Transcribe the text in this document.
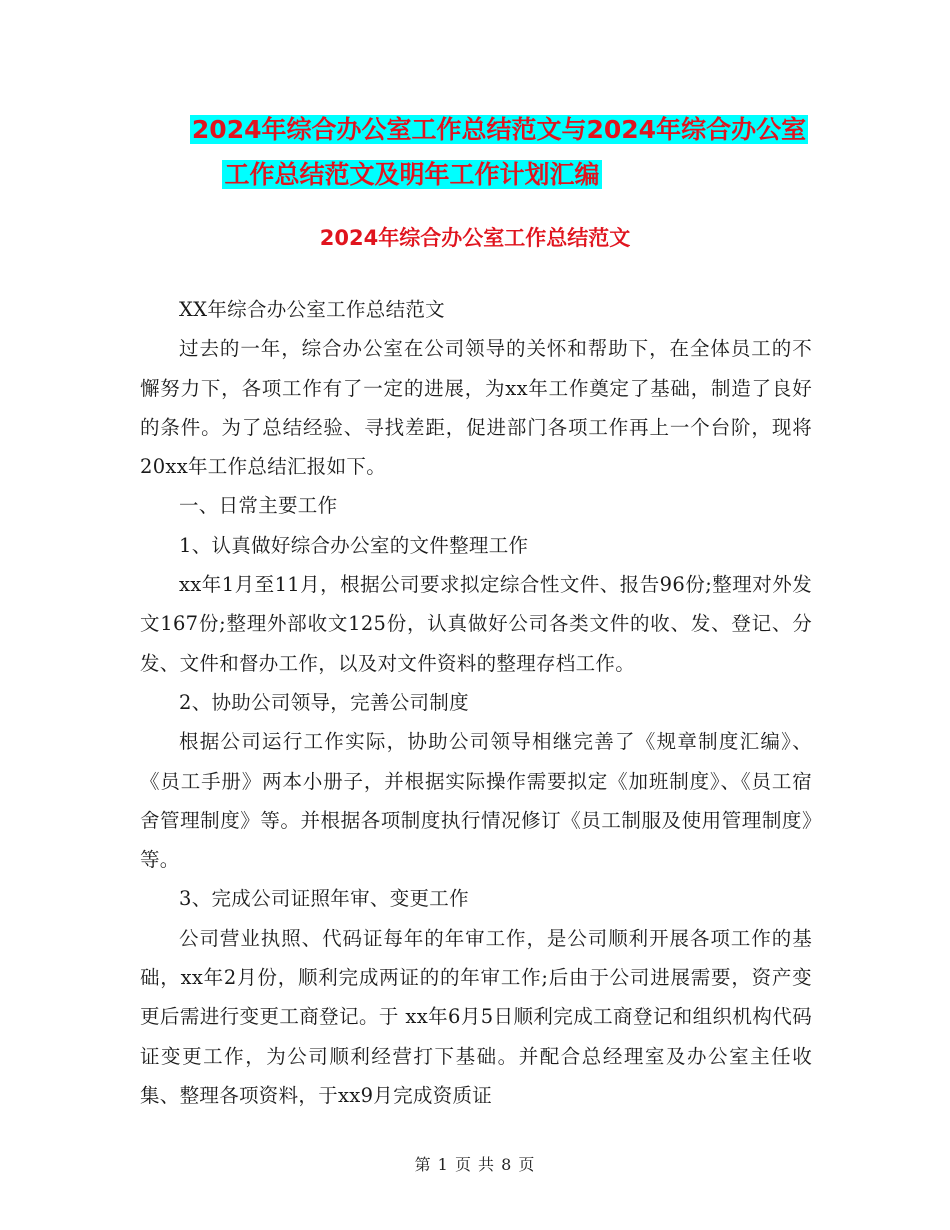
2024年综合办公室工作总结范文与2024年综合办公室
工作总结范文及明年工作计划汇编
2024年综合办公室工作总结范文

XX年综合办公室工作总结范文

过去的一年，综合办公室在公司领导的关怀和帮助下，在全体员工的不懈努力下，各项工作有了一定的进展，为xx年工作奠定了基础，制造了良好的条件。为了总结经验、寻找差距，促进部门各项工作再上一个台阶，现将20xx年工作总结汇报如下。

一、日常主要工作

1、认真做好综合办公室的文件整理工作

xx年1月至11月，根据公司要求拟定综合性文件、报告96份;整理对外发文167份;整理外部收文125份，认真做好公司各类文件的收、发、登记、分发、文件和督办工作，以及对文件资料的整理存档工作。

2、协助公司领导，完善公司制度

根据公司运行工作实际，协助公司领导相继完善了《规章制度汇编》、《员工手册》两本小册子，并根据实际操作需要拟定《加班制度》、《员工宿舍管理制度》等。并根据各项制度执行情况修订《员工制服及使用管理制度》等。

3、完成公司证照年审、变更工作

公司营业执照、代码证每年的年审工作，是公司顺利开展各项工作的基础，xx年2月份，顺利完成两证的的年审工作;后由于公司进展需要，资产变更后需进行变更工商登记。于 xx年6月5日顺利完成工商登记和组织机构代码证变更工作，为公司顺利经营打下基础。并配合总经理室及办公室主任收集、整理各项资料，于xx9月完成资质证

第 1 页 共 8 页
